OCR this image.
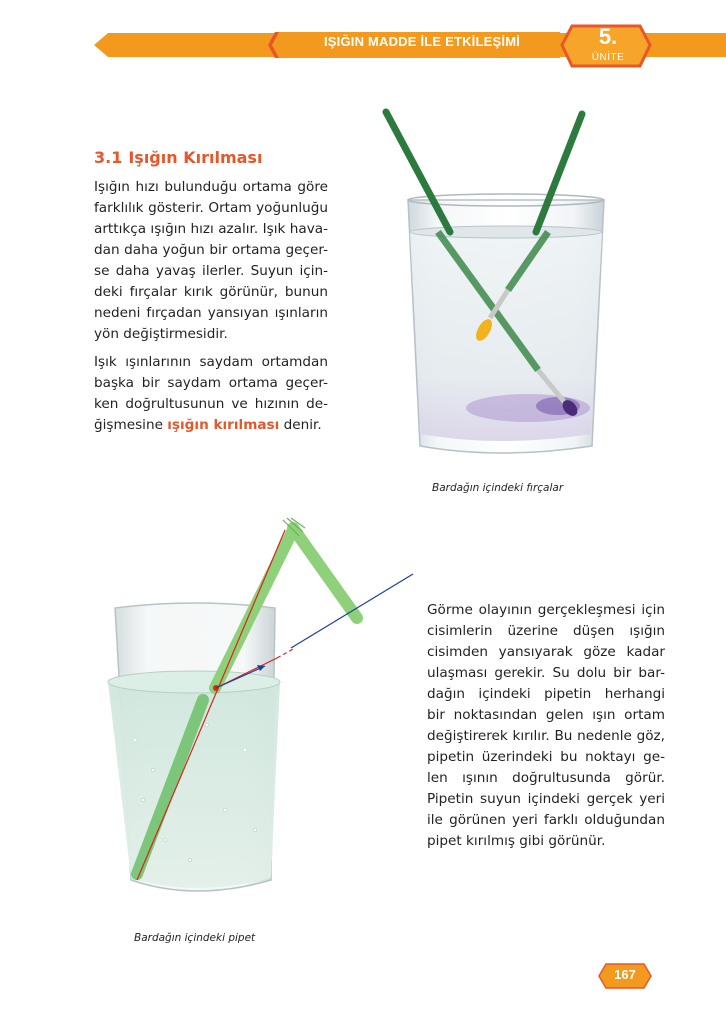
IŞIĞIN MADDE İLE ETKİLEŞİMİ	5.
ÜNİTE
3.1 Işığın Kırılması
Işığın hızı bulunduğu ortama göre
farklılık gösterir. Ortam yoğunluğu
arttıkça ışığın hızı azalır. Işık hava-
dan daha yoğun bir ortama geçer-
se daha yavaş ilerler. Suyun için-
deki fırçalar kırık görünür, bunun
nedeni fırçadan yansıyan ışınların
yön değiştirmesidir.
Işık ışınlarının saydam ortamdan
başka bir saydam ortama geçer-
ken doğrultusunun ve hızının de-
ğişmesine ışığın kırılması denir.
Bardağın içindeki fırçalar
Bardağın içindeki pipet
Görme olayının gerçekleşmesi için
cisimlerin üzerine düşen ışığın
cisimden yansıyarak göze kadar
ulaşması gerekir. Su dolu bir bar-
dağın içindeki pipetin herhangi
bir noktasından gelen ışın ortam
değiştirerek kırılır. Bu nedenle göz,
pipetin üzerindeki bu noktayı ge-
len ışının doğrultusunda görür.
Pipetin suyun içindeki gerçek yeri
ile görünen yeri farklı olduğundan
pipet kırılmış gibi görünür.
167
